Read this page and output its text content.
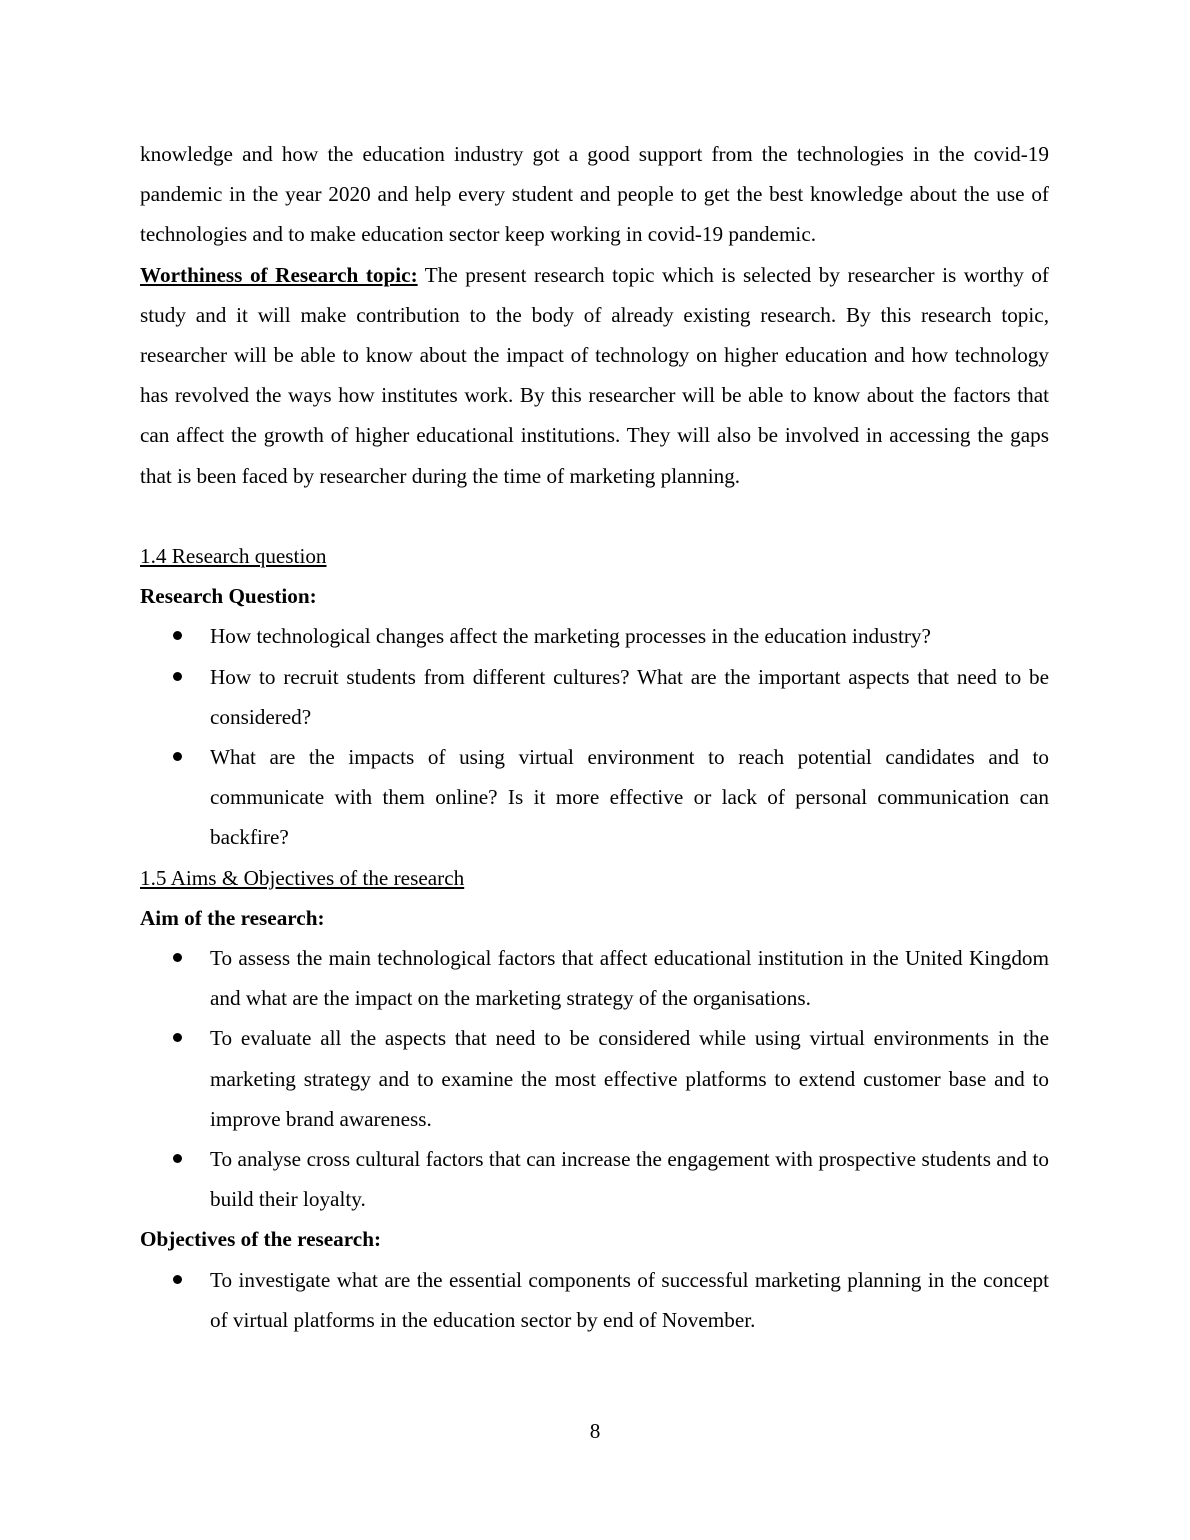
knowledge and how the education industry got a good support from the technologies in the covid-19 pandemic in the year 2020 and help every student and people to get the best knowledge about the use of technologies and to make education sector keep working in covid-19 pandemic.

Worthiness of Research topic: The present research topic which is selected by researcher is worthy of study and it will make contribution to the body of already existing research. By this research topic, researcher will be able to know about the impact of technology on higher education and how technology has revolved the ways how institutes work. By this researcher will be able to know about the factors that can affect the growth of higher educational institutions. They will also be involved in accessing the gaps that is been faced by researcher during the time of marketing planning.

1.4 Research question

Research Question:

How technological changes affect the marketing processes in the education industry?
How to recruit students from different cultures? What are the important aspects that need to be considered?
What are the impacts of using virtual environment to reach potential candidates and to communicate with them online? Is it more effective or lack of personal communication can backfire?

1.5 Aims & Objectives of the research

Aim of the research:

To assess the main technological factors that affect educational institution in the United Kingdom and what are the impact on the marketing strategy of the organisations.
To evaluate all the aspects that need to be considered while using virtual environments in the marketing strategy and to examine the most effective platforms to extend customer base and to improve brand awareness.
To analyse cross cultural factors that can increase the engagement with prospective students and to build their loyalty.

Objectives of the research:

To investigate what are the essential components of successful marketing planning in the concept of virtual platforms in the education sector by end of November.
8
